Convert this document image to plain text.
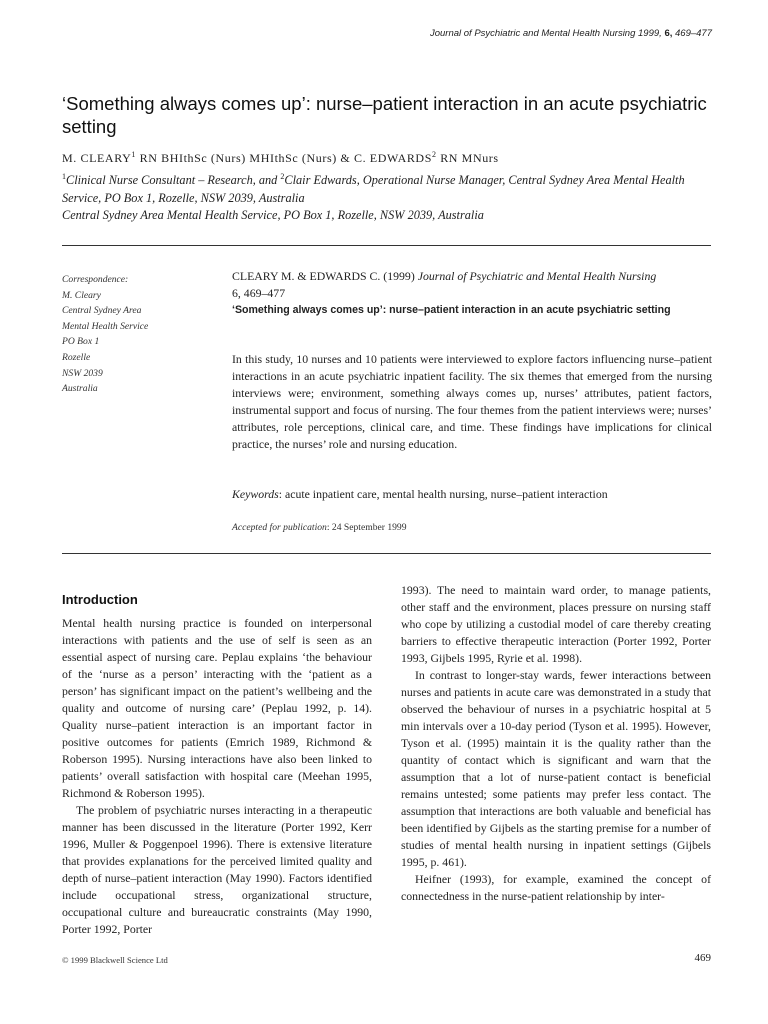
Journal of Psychiatric and Mental Health Nursing 1999, 6, 469–477
‘Something always comes up’: nurse–patient interaction in an acute psychiatric setting
M. CLEARY$^1$ RN BHIthSc (Nurs) MHIthSc (Nurs) & C. EDWARDS$^2$ RN MNurs
$^1$Clinical Nurse Consultant – Research, and $^2$Clair Edwards, Operational Nurse Manager, Central Sydney Area Mental Health Service, PO Box 1, Rozelle, NSW 2039, Australia
Central Sydney Area Mental Health Service, PO Box 1, Rozelle, NSW 2039, Australia
Correspondence:
M. Cleary
Central Sydney Area
Mental Health Service
PO Box 1
Rozelle
NSW 2039
Australia
CLEARY M. & EDWARDS C. (1999) Journal of Psychiatric and Mental Health Nursing
6, 469–477
‘Something always comes up’: nurse–patient interaction in an acute psychiatric setting

In this study, 10 nurses and 10 patients were interviewed to explore factors influencing nurse–patient interactions in an acute psychiatric inpatient facility. The six themes that emerged from the nursing interviews were; environment, something always comes up, nurses’ attributes, patient factors, instrumental support and focus of nursing. The four themes from the patient interviews were; nurses’ attributes, role perceptions, clinical care, and time. These findings have implications for clinical practice, the nurses’ role and nursing education.

Keywords: acute inpatient care, mental health nursing, nurse–patient interaction
Accepted for publication: 24 September 1999
Introduction

Mental health nursing practice is founded on interpersonal interactions with patients and the use of self is seen as an essential aspect of nursing care. Peplau explains ‘the behaviour of the ‘nurse as a person’ interacting with the ‘patient as a person’ has significant impact on the patient’s wellbeing and the quality and outcome of nursing care’ (Peplau 1992, p. 14). Quality nurse–patient interaction is an important factor in positive outcomes for patients (Emrich 1989, Richmond & Roberson 1995). Nursing interactions have also been linked to patients’ overall satisfaction with hospital care (Meehan 1995, Richmond & Roberson 1995).

The problem of psychiatric nurses interacting in a therapeutic manner has been discussed in the literature (Porter 1992, Kerr 1996, Muller & Poggenpoel 1996). There is extensive literature that provides explanations for the perceived limited quality and depth of nurse–patient interaction (May 1990). Factors identified include occupational stress, organizational structure, occupational culture and bureaucratic constraints (May 1990, Porter 1992, Porter

1993). The need to maintain ward order, to manage patients, other staff and the environment, places pressure on nursing staff who cope by utilizing a custodial model of care thereby creating barriers to effective therapeutic interaction (Porter 1992, Porter 1993, Gijbels 1995, Ryrie et al. 1998).

In contrast to longer-stay wards, fewer interactions between nurses and patients in acute care was demonstrated in a study that observed the behaviour of nurses in a psychiatric hospital at 5 min intervals over a 10-day period (Tyson et al. 1995). However, Tyson et al. (1995) maintain it is the quality rather than the quantity of contact which is significant and warn that the assumption that a lot of nurse-patient contact is beneficial remains untested; some patients may prefer less contact. The assumption that interactions are both valuable and beneficial has been identified by Gijbels as the starting premise for a number of studies of mental health nursing in inpatient settings (Gijbels 1995, p. 461).

Heifner (1993), for example, examined the concept of connectedness in the nurse-patient relationship by inter-

© 1999 Blackwell Science Ltd	469
